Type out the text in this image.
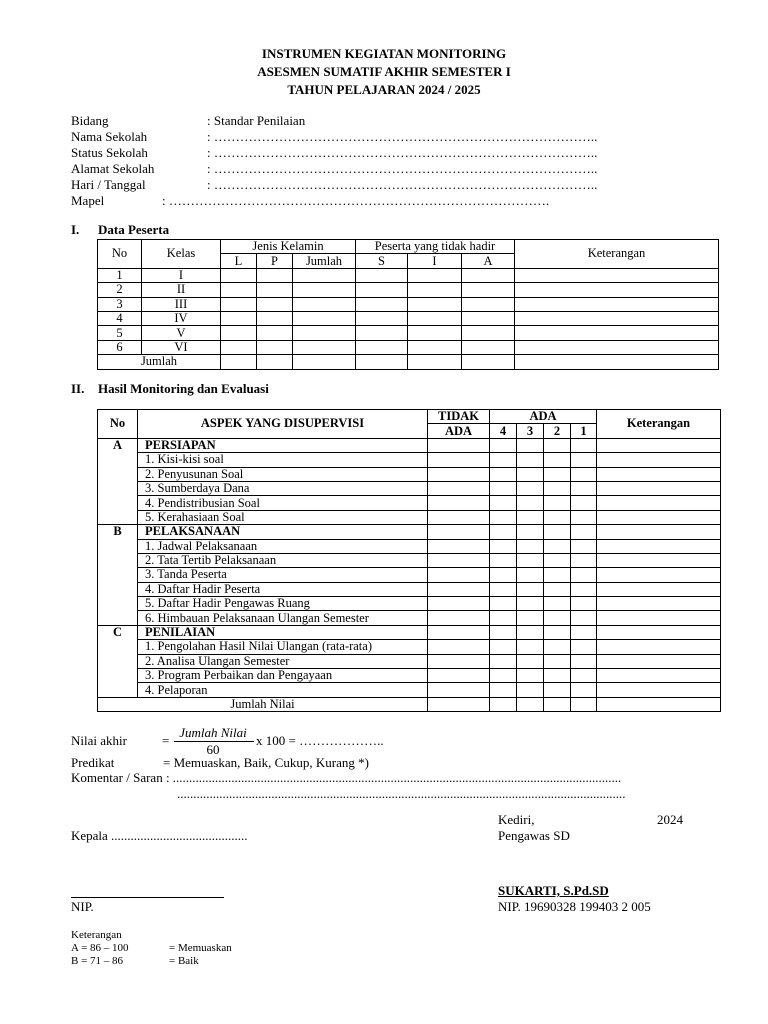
INSTRUMEN KEGIATAN MONITORING
ASESMEN SUMATIF AKHIR SEMESTER I
TAHUN PELAJARAN 2024 / 2025
Bidang	: Standar Penilaian
Nama Sekolah	: ……………………………………………………………………………..
Status Sekolah	: ……………………………………………………………………………..
Alamat Sekolah	: ……………………………………………………………………………..
Hari / Tanggal	: ……………………………………………………………………………..
Mapel	: …………………………………………………………………………….
I. Data Peserta
No	Kelas	Jenis Kelamin			Peserta yang tidak hadir			Keterangan
		L	P	Jumlah	S	I	A	
1	I							
2	II							
3	III							
4	IV							
5	V							
6	VI							
Jumlah								
II. Hasil Monitoring dan Evaluasi
No	ASPEK YANG DISUPERVISI	TIDAK	ADA				Keterangan
		ADA	4	3	2	1	
A	PERSIAPAN						
	1. Kisi-kisi soal						
	2. Penyusunan Soal						
	3. Sumberdaya Dana						
	4. Pendistribusian Soal						
	5. Kerahasiaan Soal						
B	PELAKSANAAN						
	1. Jadwal Pelaksanaan						
	2. Tata Tertib Pelaksanaan						
	3. Tanda Peserta						
	4. Daftar Hadir Peserta						
	5. Daftar Hadir Pengawas Ruang						
	6. Himbauan Pelaksanaan Ulangan Semester						
C	PENILAIAN						
	1. Pengolahan Hasil Nilai Ulangan (rata-rata)						
	2. Analisa Ulangan Semester						
	3. Program Perbaikan dan Pengayaan						
	4. Pelaporan						
Jumlah Nilai							
Nilai akhir	=
Jumlah Nilai
60
x 100 = ………………..
Predikat	= Memuaskan, Baik, Cukup, Kurang *)
Komentar / Saran : ..........................................................................................................................................
..........................................................................................................................................
Kediri,	2024
Pengawas SD
Kepala ..........................................
SUKARTI, S.Pd.SD
NIP.	NIP. 19690328 199403 2 005
Keterangan
A = 86 – 100	= Memuaskan
B = 71 – 86	= Baik
